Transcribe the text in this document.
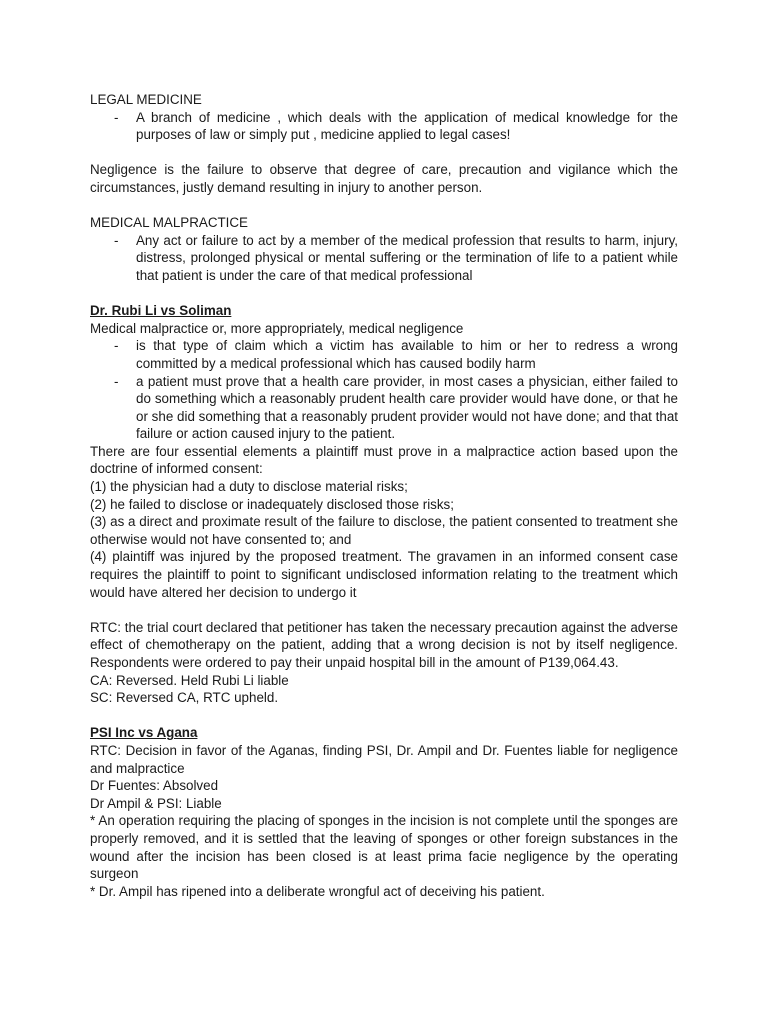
LEGAL MEDICINE

-	A branch of medicine , which deals with the application of medical knowledge for the purposes of law or simply put , medicine applied to legal cases!

Negligence is the failure to observe that degree of care, precaution and vigilance which the circumstances, justly demand resulting in injury to another person.

MEDICAL MALPRACTICE

-	Any act or failure to act by a member of the medical profession that results to harm, injury, distress, prolonged physical or mental suffering or the termination of life to a patient while that patient is under the care of that medical professional

Dr. Rubi Li vs Soliman

Medical malpractice or, more appropriately, medical negligence

-	is that type of claim which a victim has available to him or her to redress a wrong committed by a medical professional which has caused bodily harm
-	a patient must prove that a health care provider, in most cases a physician, either failed to do something which a reasonably prudent health care provider would have done, or that he or she did something that a reasonably prudent provider would not have done; and that that failure or action caused injury to the patient.

There are four essential elements a plaintiff must prove in a malpractice action based upon the doctrine of informed consent:

(1) the physician had a duty to disclose material risks;

(2) he failed to disclose or inadequately disclosed those risks;

(3) as a direct and proximate result of the failure to disclose, the patient consented to treatment she otherwise would not have consented to; and

(4) plaintiff was injured by the proposed treatment. The gravamen in an informed consent case requires the plaintiff to point to significant undisclosed information relating to the treatment which would have altered her decision to undergo it

RTC: the trial court declared that petitioner has taken the necessary precaution against the adverse effect of chemotherapy on the patient, adding that a wrong decision is not by itself negligence. Respondents were ordered to pay their unpaid hospital bill in the amount of P139,064.43.

CA: Reversed. Held Rubi Li liable

SC: Reversed CA, RTC upheld.

PSI Inc vs Agana

RTC: Decision in favor of the Aganas, finding PSI, Dr. Ampil and Dr. Fuentes liable for negligence and malpractice

Dr Fuentes: Absolved

Dr Ampil & PSI: Liable

* An operation requiring the placing of sponges in the incision is not complete until the sponges are properly removed, and it is settled that the leaving of sponges or other foreign substances in the wound after the incision has been closed is at least prima facie negligence by the operating surgeon

* Dr. Ampil has ripened into a deliberate wrongful act of deceiving his patient.
